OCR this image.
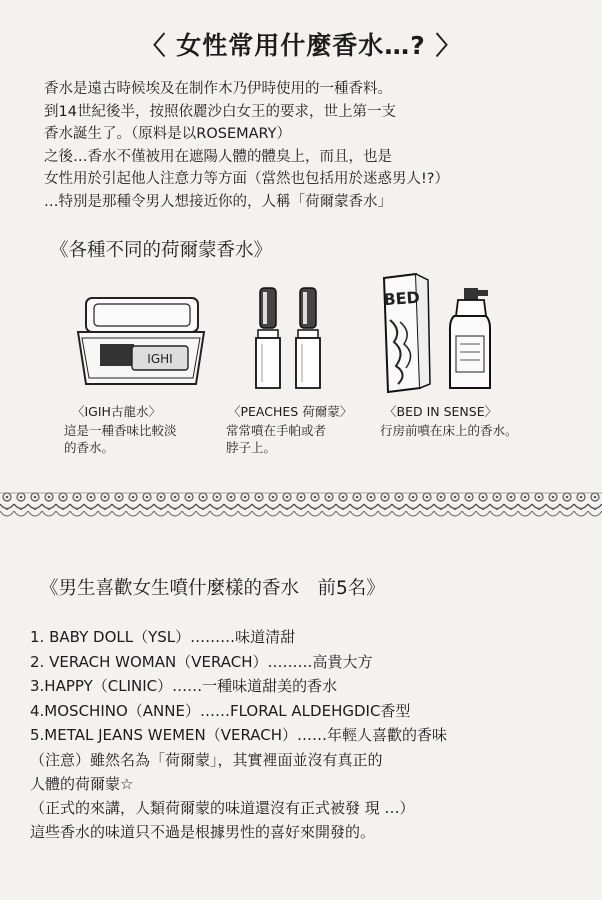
〈 女性常用什麼香水…? 〉
香水是遠古時候埃及在制作木乃伊時使用的一種香料。
到14世紀後半，按照依麗沙白女王的要求，世上第一支
香水誕生了。（原料是以ROSEMARY）
之後…香水不僅被用在遮陽人體的體臭上，而且，也是
女性用於引起他人注意力等方面（當然也包括用於迷惑男人!?）
…特別是那種令男人想接近你的，人稱「荷爾蒙香水」
《各種不同的荷爾蒙香水》
IGHI
〈IGIH古龍水〉
這是一種香味比較淡
的香水。
〈PEACHES 荷爾蒙〉
常常噴在手帕或者
脖子上。
BED
〈BED IN SENSE〉
行房前噴在床上的香水。
《男生喜歡女生噴什麼樣的香水　前5名》
1. BABY DOLL（YSL）………味道清甜
2. VERACH WOMAN（VERACH）………高貴大方
3.HAPPY（CLINIC）……一種味道甜美的香水
4.MOSCHINO（ANNE）……FLORAL ALDEHGDIC香型
5.METAL JEANS WEMEN（VERACH）……年輕人喜歡的香味
（注意）雖然名為「荷爾蒙」，其實裡面並沒有真正的
人體的荷爾蒙☆
（正式的來講，人類荷爾蒙的味道還沒有正式被發 現 …）
這些香水的味道只不過是根據男性的喜好來開發的。
